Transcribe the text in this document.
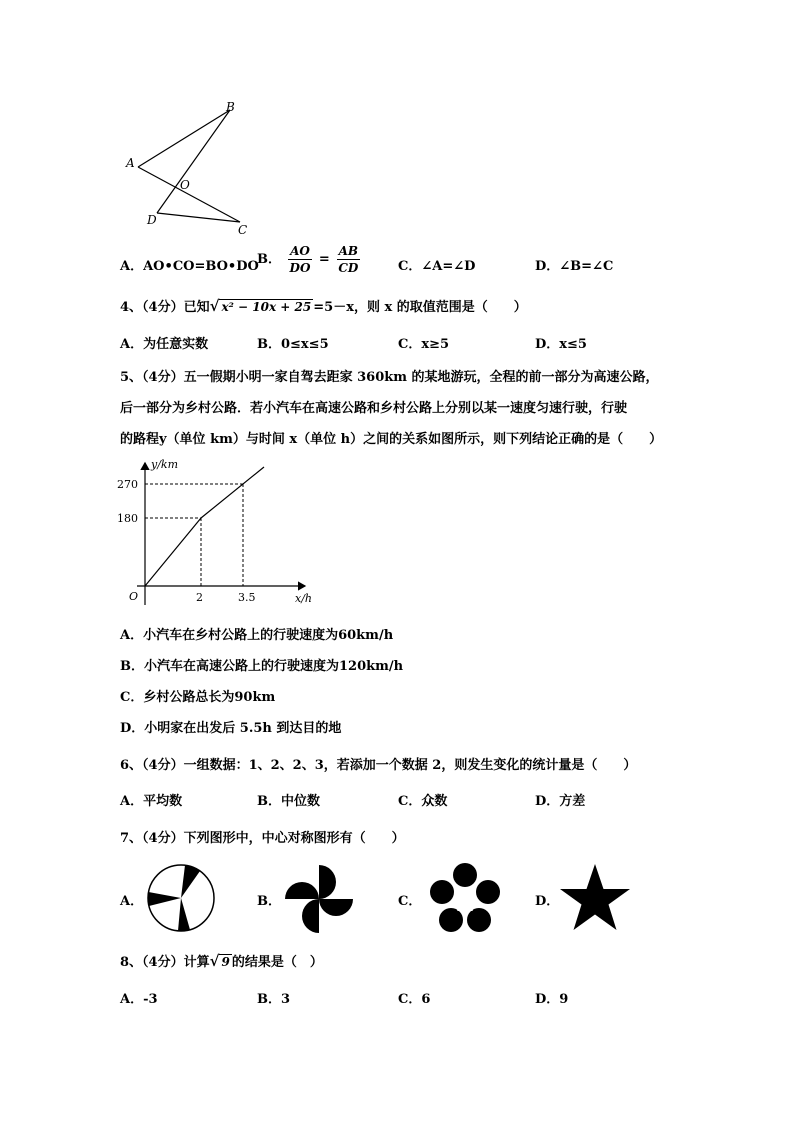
B
A
O
D
C
A．AO•CO=BO•DO
B． $\frac{AO}{DO} = \frac{AB}{CD}$	C．∠A=∠D	D．∠B=∠C
4、（4分）已知√ x² − 10x + 25 =5－x，则 x 的取值范围是（　　）
A．为任意实数	B．0≤x≤5	C．x≥5	D．x≤5
5、（4分）五一假期小明一家自驾去距家 360km 的某地游玩，全程的前一部分为高速公路，
后一部分为乡村公路．若小汽车在高速公路和乡村公路上分别以某一速度匀速行驶，行驶
的路程y（单位 km）与时间 x（单位 h）之间的关系如图所示，则下列结论正确的是（　　）
y/km
x/h
O
180
270
2	3.5
A．小汽车在乡村公路上的行驶速度为60km/h
B．小汽车在高速公路上的行驶速度为120km/h
C．乡村公路总长为90km
D．小明家在出发后 5.5h 到达目的地
6、（4分）一组数据：1、2、2、3，若添加一个数据 2，则发生变化的统计量是（　　）
A．平均数	B．中位数	C．众数	D．方差
7、（4分）下列图形中，中心对称图形有（　　）
A．	B．	C．	D．
8、（4分）计算√ 9 的结果是（　）
A．-3	B．3	C．6	D．9
